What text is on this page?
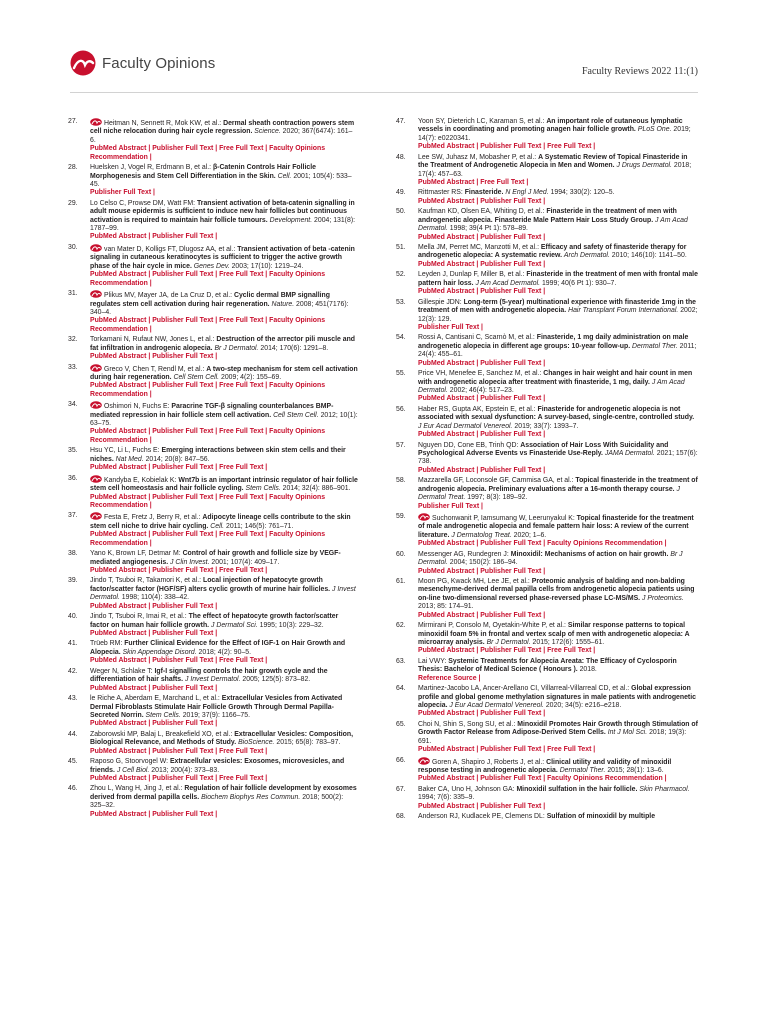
Faculty Opinions	Faculty Reviews 2022 11:(1)
27.	Heitman N, Sennett R, Mok KW, et al.: Dermal sheath contraction powers stem cell niche relocation during hair cycle regression. Science. 2020; 367(6474): 161–6.
PubMed Abstract | Publisher Full Text | Free Full Text | Faculty Opinions Recommendation |
28.	Huelsken J, Vogel R, Erdmann B, et al.: β-Catenin Controls Hair Follicle Morphogenesis and Stem Cell Differentiation in the Skin. Cell. 2001; 105(4): 533–45.
Publisher Full Text |
29.	Lo Celso C, Prowse DM, Watt FM: Transient activation of beta-catenin signalling in adult mouse epidermis is sufficient to induce new hair follicles but continuous activation is required to maintain hair follicle tumours. Development. 2004; 131(8): 1787–99.
PubMed Abstract | Publisher Full Text |
30.	van Mater D, Kolligs FT, Dlugosz AA, et al.: Transient activation of beta -catenin signaling in cutaneous keratinocytes is sufficient to trigger the active growth phase of the hair cycle in mice. Genes Dev. 2003; 17(10): 1219–24.
PubMed Abstract | Publisher Full Text | Free Full Text | Faculty Opinions Recommendation |
31.	Plikus MV, Mayer JA, de La Cruz D, et al.: Cyclic dermal BMP signalling regulates stem cell activation during hair regeneration. Nature. 2008; 451(7176): 340–4.
PubMed Abstract | Publisher Full Text | Free Full Text | Faculty Opinions Recommendation |
32.	Torkamani N, Rufaut NW, Jones L, et al.: Destruction of the arrector pili muscle and fat infiltration in androgenic alopecia. Br J Dermatol. 2014; 170(6): 1291–8.
PubMed Abstract | Publisher Full Text |
33.	Greco V, Chen T, Rendl M, et al.: A two-step mechanism for stem cell activation during hair regeneration. Cell Stem Cell. 2009; 4(2): 155–69.
PubMed Abstract | Publisher Full Text | Free Full Text | Faculty Opinions Recommendation |
34.	Oshimori N, Fuchs E: Paracrine TGF-β signaling counterbalances BMP-mediated repression in hair follicle stem cell activation. Cell Stem Cell. 2012; 10(1): 63–75.
PubMed Abstract | Publisher Full Text | Free Full Text | Faculty Opinions Recommendation |
35.	Hsu YC, Li L, Fuchs E: Emerging interactions between skin stem cells and their niches. Nat Med. 2014; 20(8): 847–56.
PubMed Abstract | Publisher Full Text | Free Full Text |
36.	Kandyba E, Kobielak K: Wnt7b is an important intrinsic regulator of hair follicle stem cell homeostasis and hair follicle cycling. Stem Cells. 2014; 32(4): 886–901.
PubMed Abstract | Publisher Full Text | Free Full Text | Faculty Opinions Recommendation |
37.	Festa E, Fretz J, Berry R, et al.: Adipocyte lineage cells contribute to the skin stem cell niche to drive hair cycling. Cell. 2011; 146(5): 761–71.
PubMed Abstract | Publisher Full Text | Free Full Text | Faculty Opinions Recommendation |
38.	Yano K, Brown LF, Detmar M: Control of hair growth and follicle size by VEGF-mediated angiogenesis. J Clin Invest. 2001; 107(4): 409–17.
PubMed Abstract | Publisher Full Text | Free Full Text |
39.	Jindo T, Tsuboi R, Takamori K, et al.: Local injection of hepatocyte growth factor/scatter factor (HGF/SF) alters cyclic growth of murine hair follicles. J Invest Dermatol. 1998; 110(4): 338–42.
PubMed Abstract | Publisher Full Text |
40.	Jindo T, Tsuboi R, Imai R, et al.: The effect of hepatocyte growth factor/scatter factor on human hair follicle growth. J Dermatol Sci. 1995; 10(3): 229–32.
PubMed Abstract | Publisher Full Text |
41.	Trüeb RM: Further Clinical Evidence for the Effect of IGF-1 on Hair Growth and Alopecia. Skin Appendage Disord. 2018; 4(2): 90–5.
PubMed Abstract | Publisher Full Text | Free Full Text |
42.	Weger N, Schlake T: Igf-I signalling controls the hair growth cycle and the differentiation of hair shafts. J Invest Dermatol. 2005; 125(5): 873–82.
PubMed Abstract | Publisher Full Text |
43.	le Riche A, Aberdam E, Marchand L, et al.: Extracellular Vesicles from Activated Dermal Fibroblasts Stimulate Hair Follicle Growth Through Dermal Papilla-Secreted Norrin. Stem Cells. 2019; 37(9): 1166–75.
PubMed Abstract | Publisher Full Text |
44.	Zaborowski MP, Balaj L, Breakefield XO, et al.: Extracellular Vesicles: Composition, Biological Relevance, and Methods of Study. BioScience. 2015; 65(8): 783–97.
PubMed Abstract | Publisher Full Text | Free Full Text |
45.	Raposo G, Stoorvogel W: Extracellular vesicles: Exosomes, microvesicles, and friends. J Cell Biol. 2013; 200(4): 373–83.
PubMed Abstract | Publisher Full Text | Free Full Text |
46.	Zhou L, Wang H, Jing J, et al.: Regulation of hair follicle development by exosomes derived from dermal papilla cells. Biochem Biophys Res Commun. 2018; 500(2): 325–32.
PubMed Abstract | Publisher Full Text |
47.	Yoon SY, Dieterich LC, Karaman S, et al.: An important role of cutaneous lymphatic vessels in coordinating and promoting anagen hair follicle growth. PLoS One. 2019; 14(7): e0220341.
PubMed Abstract | Publisher Full Text | Free Full Text |
48.	Lee SW, Juhasz M, Mobasher P, et al.: A Systematic Review of Topical Finasteride in the Treatment of Androgenetic Alopecia in Men and Women. J Drugs Dermatol. 2018; 17(4): 457–63.
PubMed Abstract | Free Full Text |
49.	Rittmaster RS: Finasteride. N Engl J Med. 1994; 330(2): 120–5.
PubMed Abstract | Publisher Full Text |
50.	Kaufman KD, Olsen EA, Whiting D, et al.: Finasteride in the treatment of men with androgenetic alopecia. Finasteride Male Pattern Hair Loss Study Group. J Am Acad Dermatol. 1998; 39(4 Pt 1): 578–89.
PubMed Abstract | Publisher Full Text |
51.	Mella JM, Perret MC, Manzotti M, et al.: Efficacy and safety of finasteride therapy for androgenetic alopecia: A systematic review. Arch Dermatol. 2010; 146(10): 1141–50.
PubMed Abstract | Publisher Full Text |
52.	Leyden J, Dunlap F, Miller B, et al.: Finasteride in the treatment of men with frontal male pattern hair loss. J Am Acad Dermatol. 1999; 40(6 Pt 1): 930–7.
PubMed Abstract | Publisher Full Text |
53.	Gillespie JDN: Long-term (5-year) multinational experience with finasteride 1mg in the treatment of men with androgenetic alopecia. Hair Transplant Forum International. 2002; 12(3): 129.
Publisher Full Text |
54.	Rossi A, Cantisani C, Scarnò M, et al.: Finasteride, 1 mg daily administration on male androgenetic alopecia in different age groups: 10-year follow-up. Dermatol Ther. 2011; 24(4): 455–61.
PubMed Abstract | Publisher Full Text |
55.	Price VH, Menefee E, Sanchez M, et al.: Changes in hair weight and hair count in men with androgenetic alopecia after treatment with finasteride, 1 mg, daily. J Am Acad Dermatol. 2002; 46(4): 517–23.
PubMed Abstract | Publisher Full Text |
56.	Haber RS, Gupta AK, Epstein E, et al.: Finasteride for androgenetic alopecia is not associated with sexual dysfunction: A survey-based, single-centre, controlled study. J Eur Acad Dermatol Venereol. 2019; 33(7): 1393–7.
PubMed Abstract | Publisher Full Text |
57.	Nguyen DD, Cone EB, Trinh QD: Association of Hair Loss With Suicidality and Psychological Adverse Events vs Finasteride Use-Reply. JAMA Dermatol. 2021; 157(6): 738.
PubMed Abstract | Publisher Full Text |
58.	Mazzarella GF, Loconsole GF, Cammisa GA, et al.: Topical finasteride in the treatment of androgenic alopecia. Preliminary evaluations after a 16-month therapy course. J Dermatol Treat. 1997; 8(3): 189–92.
Publisher Full Text |
59.	Suchonwanit P, Iamsumang W, Leerunyakul K: Topical finasteride for the treatment of male androgenetic alopecia and female pattern hair loss: A review of the current literature. J Dermatolog Treat. 2020; 1–6.
PubMed Abstract | Publisher Full Text | Faculty Opinions Recommendation |
60.	Messenger AG, Rundegren J: Minoxidil: Mechanisms of action on hair growth. Br J Dermatol. 2004; 150(2): 186–94.
PubMed Abstract | Publisher Full Text |
61.	Moon PG, Kwack MH, Lee JE, et al.: Proteomic analysis of balding and non-balding mesenchyme-derived dermal papilla cells from androgenetic alopecia patients using on-line two-dimensional reversed phase-reversed phase LC-MS/MS. J Proteomics. 2013; 85: 174–91.
PubMed Abstract | Publisher Full Text |
62.	Mirmirani P, Consolo M, Oyetakin-White P, et al.: Similar response patterns to topical minoxidil foam 5% in frontal and vertex scalp of men with androgenetic alopecia: A microarray analysis. Br J Dermatol. 2015; 172(6): 1555–61.
PubMed Abstract | Publisher Full Text | Free Full Text |
63.	Lai VWY: Systemic Treatments for Alopecia Areata: The Efficacy of Cyclosporin Thesis: Bachelor of Medical Science ( Honours ). 2018.
Reference Source |
64.	Martinez-Jacobo LA, Ancer-Arellano CI, Villarreal-Villarreal CD, et al.: Global expression profile and global genome methylation signatures in male patients with androgenetic alopecia. J Eur Acad Dermatol Venereol. 2020; 34(5): e216–e218.
PubMed Abstract | Publisher Full Text |
65.	Choi N, Shin S, Song SU, et al.: Minoxidil Promotes Hair Growth through Stimulation of Growth Factor Release from Adipose-Derived Stem Cells. Int J Mol Sci. 2018; 19(3): 691.
PubMed Abstract | Publisher Full Text | Free Full Text |
66.	Goren A, Shapiro J, Roberts J, et al.: Clinical utility and validity of minoxidil response testing in androgenetic alopecia. Dermatol Ther. 2015; 28(1): 13–6.
PubMed Abstract | Publisher Full Text | Faculty Opinions Recommendation |
67.	Baker CA, Uno H, Johnson GA: Minoxidil sulfation in the hair follicle. Skin Pharmacol. 1994; 7(6): 335–9.
PubMed Abstract | Publisher Full Text |
68.	Anderson RJ, Kudlacek PE, Clemens DL: Sulfation of minoxidil by multiple
